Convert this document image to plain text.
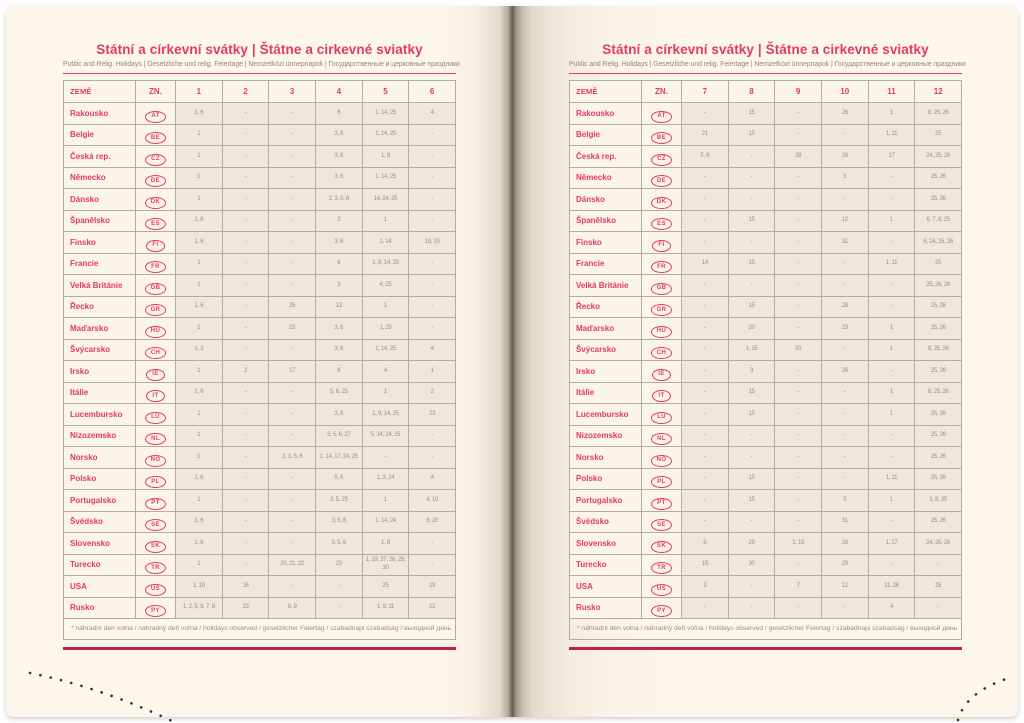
Státní a církevní svátky | Štátne a cirkevné sviatky
Public and Relig. Holidays | Gesetzliche und relig. Feiertage | Nemzetközi ünnepnapok | Государственные и церковные праздники
ZEMĚ	ZN.	1	2	3	4	5	6
Rakousko	AT	1, 6	-	-	6	1, 14, 25	4
Belgie	BE	1	-	-	3, 6	1, 14, 25	-
Česká rep.	CZ	1	-	-	3, 6	1, 8	-
Německo	DE	1	-	-	3, 6	1, 14, 25	-
Dánsko	DK	1	-	-	2, 3, 5, 6	14, 24, 25	-
Španělsko	ES	1, 6	-	-	3	1	-
Finsko	FI	1, 6	-	-	3, 6	1, 14	19, 20
Francie	FR	1	-	-	6	1, 8, 14, 25	-
Velká Británie	GB	1	-	-	3	4, 25	-
Řecko	GR	1, 6	-	25	13	1	-
Maďarsko	HU	1	-	15	3, 6	1, 25	-
Švýcarsko	CH	1, 2	-	-	3, 6	1, 14, 25	4
Irsko	IE	1	2	17	6	4	1
Itálie	IT	1, 6	-	-	5, 6, 25	1	2
Lucembursko	LU	1	-	-	3, 6	1, 9, 14, 25	23
Nizozemsko	NL	1	-	-	3, 5, 6, 27	5, 14, 24, 25	-
Norsko	NO	1	-	2, 3, 5, 6	1, 14, 17, 24, 25	-	-
Polsko	PL	1, 6	-	-	5, 6	1, 3, 24	4
Portugalsko	PT	1	-	-	3, 5, 25	1	4, 10
Švédsko	SE	1, 6	-	-	3, 5, 6	1, 14, 24	6, 20
Slovensko	SK	1, 6	-	-	3, 5, 6	1, 8	-
Turecko	TR	1	-	20, 21, 22	23	1, 19, 27, 28, 29, 30	-
USA	US	1, 19	16	-	-	25	19
Rusko	PY	1, 2, 5, 6, 7, 8	23	8, 9	-	1, 9, 11	12
* náhradní den volna / náhradný deň voľna / holidays observed / gesetzlicher Feiertag / szabadnapi szabadság / выходной день
Státní a církevní svátky | Štátne a cirkevné sviatky
Public and Relig. Holidays | Gesetzliche und relig. Feiertage | Nemzetközi ünnepnapok | Государственные и церковные праздники
ZEMĚ	ZN.	7	8	9	10	11	12
Rakousko	AT	-	15	-	26	1	8, 25, 26
Belgie	BE	21	15	-	-	1, 11	25
Česká rep.	CZ	5, 6	-	28	28	17	24, 25, 26
Německo	DE	-	-	-	3	-	25, 26
Dánsko	DK	-	-	-	-	-	25, 26
Španělsko	ES	-	15	-	12	1	6, 7, 8, 25
Finsko	FI	-	-	-	31	-	6, 24, 25, 26
Francie	FR	14	15	-	-	1, 11	25
Velká Británie	GB	-	-	-	-	-	25, 26, 28
Řecko	GR	-	15	-	28	-	25, 26
Maďarsko	HU	-	20	-	23	1	25, 26
Švýcarsko	CH	-	1, 15	20	-	1	8, 25, 26
Irsko	IE	-	3	-	26	-	25, 26
Itálie	IT	-	15	-	-	1	8, 25, 26
Lucembursko	LU	-	15	-	-	1	25, 26
Nizozemsko	NL	-	-	-	-	-	25, 26
Norsko	NO	-	-	-	-	-	25, 26
Polsko	PL	-	15	-	-	1, 11	25, 26
Portugalsko	PT	-	15	-	5	1	1, 8, 25
Švédsko	SE	-	-	-	31	-	25, 26
Slovensko	SK	5	29	1, 15	28	1, 17	24, 25, 26
Turecko	TR	15	30	-	29	-	-
USA	US	3	-	7	12	11, 26	25
Rusko	PY	-	-	-	-	4	-
* náhradní den volna / náhradný deň voľna / holidays observed / gesetzlicher Feiertag / szabadnapi szabadság / выходной день
